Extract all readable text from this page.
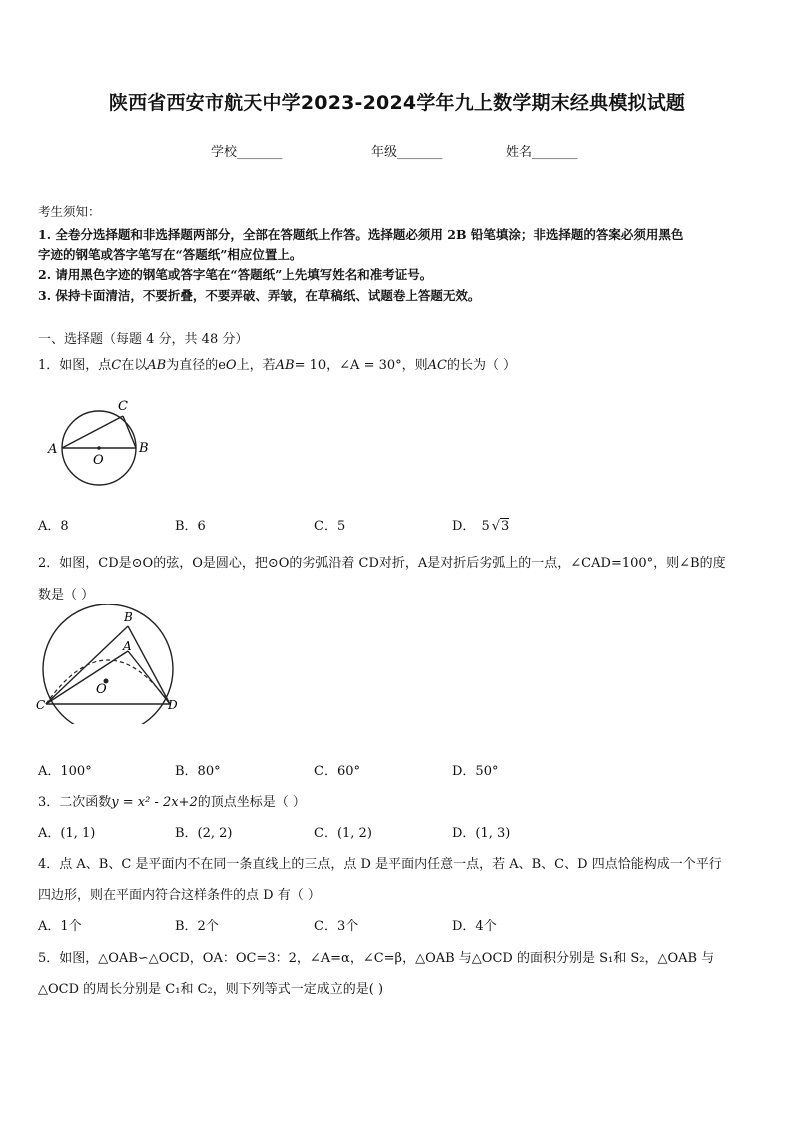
陕西省西安市航天中学2023-2024学年九上数学期末经典模拟试题
学校_______	年级_______	姓名_______
考生须知：
1. 全卷分选择题和非选择题两部分，全部在答题纸上作答。选择题必须用 2B 铅笔填涂；非选择题的答案必须用黑色
字迹的钢笔或答字笔写在“答题纸”相应位置上。
2. 请用黑色字迹的钢笔或答字笔在“答题纸”上先填写姓名和准考证号。
3. 保持卡面清洁，不要折叠，不要弄破、弄皱，在草稿纸、试题卷上答题无效。
一、选择题（每题 4 分，共 48 分）
1．如图，点C在以AB为直径的eO上，若AB= 10，∠A = 30°，则AC的长为（ ）
A	B
C
O
A．8	B．6	C．5	D． 5 √3
2．如图，CD是⊙O的弦，O是圆心，把⊙O的劣弧沿着 CD对折，A是对折后劣弧上的一点，∠CAD=100°，则∠B的度
数是（ ）
B
A
O
C	D
A．100°	B．80°	C．60°	D．50°
3．二次函数y = x² - 2x+2的顶点坐标是（ ）
A．(1, 1)	B．(2, 2)	C．(1, 2)	D．(1, 3)
4．点 A、B、C 是平面内不在同一条直线上的三点，点 D 是平面内任意一点，若 A、B、C、D 四点恰能构成一个平行
四边形，则在平面内符合这样条件的点 D 有（ ）
A．1个	B．2个	C．3个	D．4个
5．如图，△OAB∽△OCD，OA：OC=3：2，∠A=α，∠C=β，△OAB 与△OCD 的面积分别是 S₁和 S₂，△OAB 与
△OCD 的周长分别是 C₁和 C₂，则下列等式一定成立的是( )
